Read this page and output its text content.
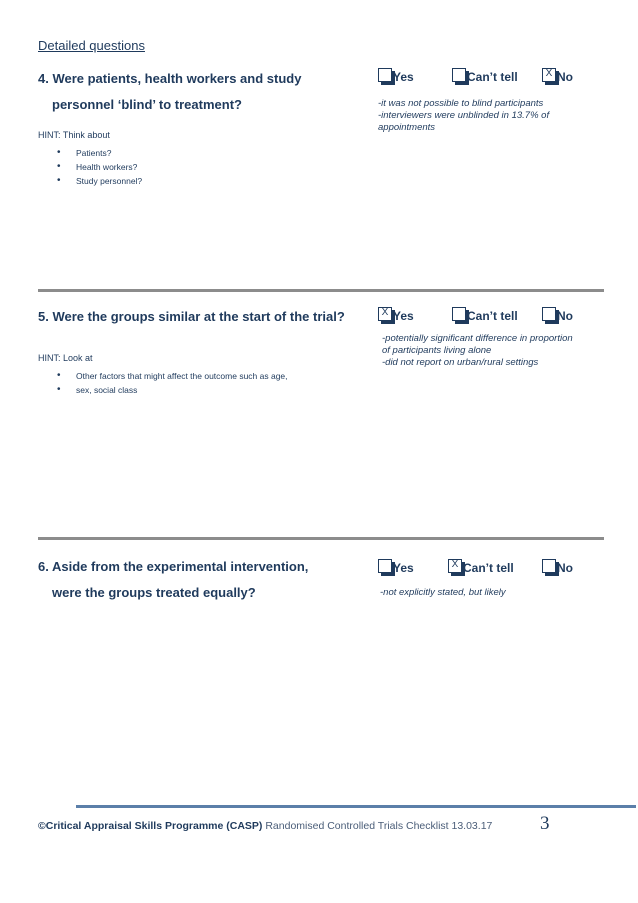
Detailed questions
4. Were patients, health workers and study
personnel ‘blind’ to treatment?
HINT: Think about
• Patients?
• Health workers?
• Study personnel?
Yes	Can’t tell	X No
-it was not possible to blind participants
-interviewers were unblinded in 13.7% of
appointments
5. Were the groups similar at the start of the trial?
HINT: Look at
• Other factors that might affect the outcome such as age,
• sex, social class
X Yes	Can’t tell	No
-potentially significant difference in proportion
of participants living alone
-did not report on urban/rural settings
6. Aside from the experimental intervention,
were the groups treated equally?
Yes	X Can’t tell	No
-not explicitly stated, but likely
©Critical Appraisal Skills Programme (CASP) Randomised Controlled Trials Checklist 13.03.17	3
